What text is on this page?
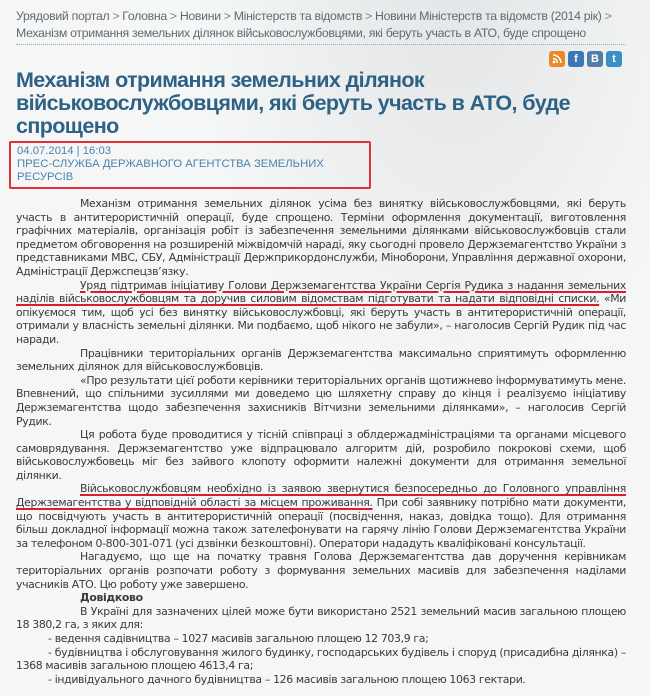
Урядовий портал > Головна > Новини > Міністерств та відомств > Новини Міністерств та відомств (2014 рік) >
Механізм отримання земельних ділянок військовослужбовцями, які беруть участь в АТО, буде спрощено
f	В	t
Механізм отримання земельних ділянок військовослужбовцями, які беруть участь в АТО, буде спрощено
04.07.2014 | 16:03
ПРЕС-СЛУЖБА ДЕРЖАВНОГО АГЕНТСТВА ЗЕМЕЛЬНИХ РЕСУРСІВ

Механізм отримання земельних ділянок усіма без винятку військовослужбовцями, які беруть участь в антитерористичній операції, буде спрощено. Терміни оформлення документації, виготовлення графічних матеріалів, організація робіт із забезпечення земельними ділянками військовослужбовців стали предметом обговорення на розширеній міжвідомчій нараді, яку сьогодні провело Держземагентство України з представниками МВС, СБУ, Адміністрації Держприкордонслужби, Міноборони, Управління державної охорони, Адміністрації Держспецзв’язку.

Уряд підтримав ініціативу Голови Держземагентства України Сергія Рудика з надання земельних наділів військовослужбовцям та доручив силовим відомствам підготувати та надати відповідні списки. «Ми опікуємося тим, щоб усі без винятку військовослужбовці, які беруть участь в антитерористичній операції, отримали у власність земельні ділянки. Ми подбаємо, щоб нікого не забули», – наголосив Сергій Рудик під час наради.

Працівники територіальних органів Держземагентства максимально сприятимуть оформленню земельних ділянок для військовослужбовців.

«Про результати цієї роботи керівники територіальних органів щотижнево інформуватимуть мене. Впевнений, що спільними зусиллями ми доведемо цю шляхетну справу до кінця і реалізуємо ініціативу Держземагентства щодо забезпечення захисників Вітчизни земельними ділянками», – наголосив Сергій Рудик.

Ця робота буде проводитися у тісній співпраці з облдержадміністраціями та органами місцевого самоврядування. Держземагентство уже відпрацювало алгоритм дій, розробило покрокові схеми, щоб військовослужбовець міг без зайвого клопоту оформити належні документи для отримання земельної ділянки.

Військовослужбовцям необхідно із заявою звернутися безпосередньо до Головного управління Держземагентства у відповідній області за місцем проживання. При собі заявнику потрібно мати документи, що посвідчують участь в антитерористичній операції (посвідчення, наказ, довідка тощо). Для отримання більш докладної інформації можна також зателефонувати на гарячу лінію Голови Держземагентства України за телефоном 0-800-301-071 (усі дзвінки безкоштовні). Оператори нададуть кваліфіковані консультації.

Нагадуємо, що ще на початку травня Голова Держземагентства дав доручення керівникам територіальних органів розпочати роботу з формування земельних масивів для забезпечення наділами учасників АТО. Цю роботу уже завершено.

Довідково

В Україні для зазначених цілей може бути використано 2521 земельний масив загальною площею 18 380,2 га, з яких для:

- ведення садівництва – 1027 масивів загальною площею 12 703,9 га;

- будівництва і обслуговування жилого будинку, господарських будівель і споруд (присадибна ділянка) – 1368 масивів загальною площею 4613,4 га;

- індивідуального дачного будівництва – 126 масивів загальною площею 1063 гектари.
